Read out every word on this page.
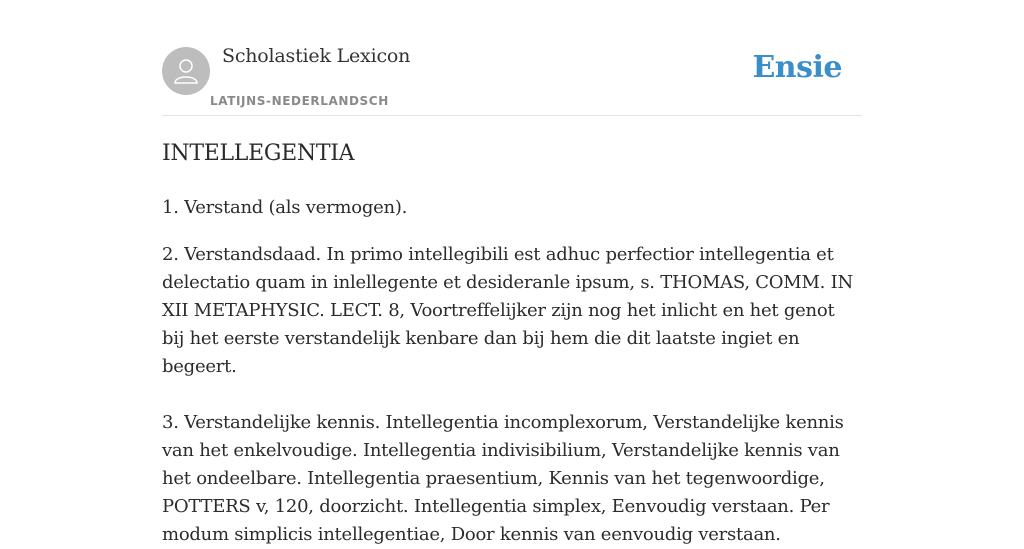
Scholastiek Lexicon
LATIJNS-NEDERLANDSCH
Ensie
INTELLEGENTIA

1. Verstand (als vermogen).

2. Verstandsdaad. In primo intellegibili est adhuc perfectior intellegentia et delectatio quam in inlellegente et desideranle ipsum, s. THOMAS, COMM. IN XII METAPHYSIC. LECT. 8, Voortreffelijker zijn nog het inlicht en het genot bij het eerste verstandelijk kenbare dan bij hem die dit laatste ingiet en begeert.

3. Verstandelijke kennis. Intellegentia incomplexorum, Verstandelijke kennis van het enkelvoudige. Intellegentia indivisibilium, Verstandelijke kennis van het ondeelbare. Intellegentia praesentium, Kennis van het tegenwoordige, POTTERS v, 120, doorzicht. Intellegentia simplex, Eenvoudig verstaan. Per modum simplicis intellegentiae, Door kennis van eenvoudig verstaan.
